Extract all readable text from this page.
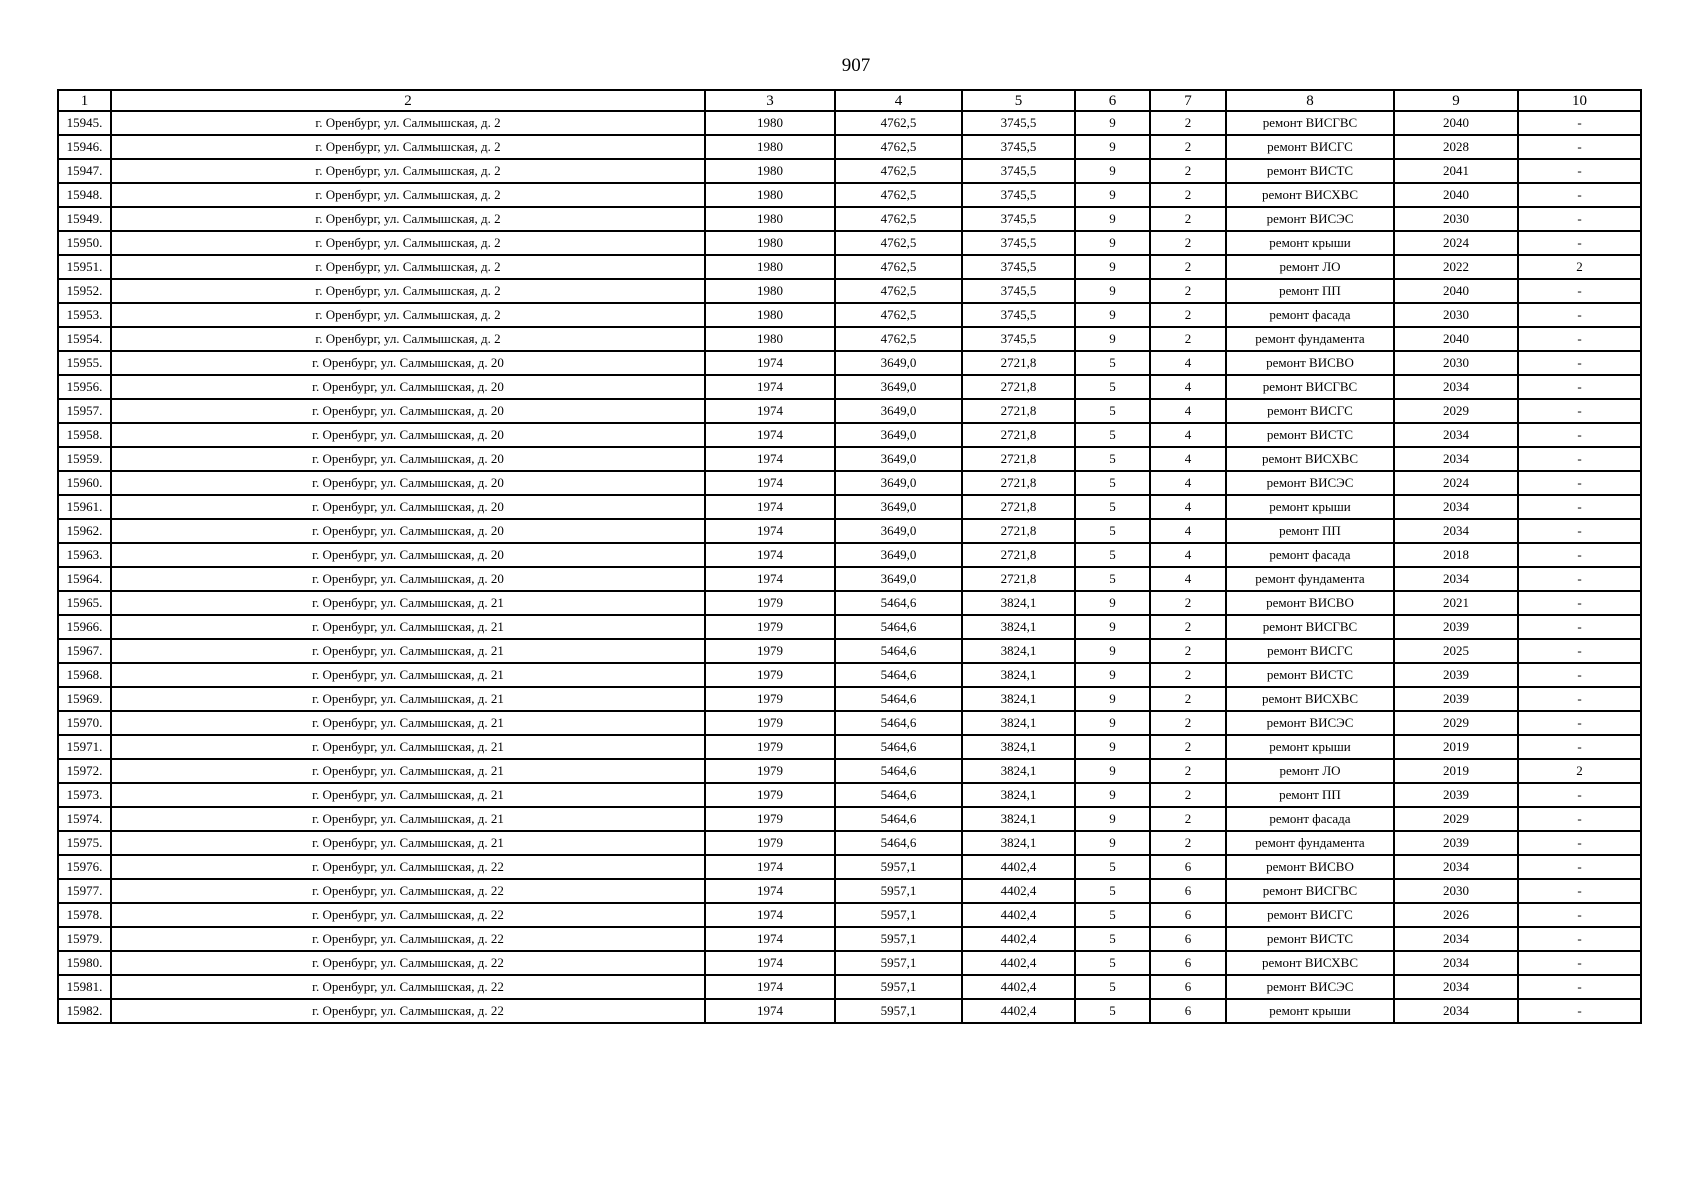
907
1	2	3	4	5	6	7	8	9	10
15945.	г. Оренбург, ул. Салмышская, д. 2	1980	4762,5	3745,5	9	2	ремонт ВИСГВС	2040	-
15946.	г. Оренбург, ул. Салмышская, д. 2	1980	4762,5	3745,5	9	2	ремонт ВИСГС	2028	-
15947.	г. Оренбург, ул. Салмышская, д. 2	1980	4762,5	3745,5	9	2	ремонт ВИСТС	2041	-
15948.	г. Оренбург, ул. Салмышская, д. 2	1980	4762,5	3745,5	9	2	ремонт ВИСХВС	2040	-
15949.	г. Оренбург, ул. Салмышская, д. 2	1980	4762,5	3745,5	9	2	ремонт ВИСЭС	2030	-
15950.	г. Оренбург, ул. Салмышская, д. 2	1980	4762,5	3745,5	9	2	ремонт крыши	2024	-
15951.	г. Оренбург, ул. Салмышская, д. 2	1980	4762,5	3745,5	9	2	ремонт ЛО	2022	2
15952.	г. Оренбург, ул. Салмышская, д. 2	1980	4762,5	3745,5	9	2	ремонт ПП	2040	-
15953.	г. Оренбург, ул. Салмышская, д. 2	1980	4762,5	3745,5	9	2	ремонт фасада	2030	-
15954.	г. Оренбург, ул. Салмышская, д. 2	1980	4762,5	3745,5	9	2	ремонт фундамента	2040	-
15955.	г. Оренбург, ул. Салмышская, д. 20	1974	3649,0	2721,8	5	4	ремонт ВИСВО	2030	-
15956.	г. Оренбург, ул. Салмышская, д. 20	1974	3649,0	2721,8	5	4	ремонт ВИСГВС	2034	-
15957.	г. Оренбург, ул. Салмышская, д. 20	1974	3649,0	2721,8	5	4	ремонт ВИСГС	2029	-
15958.	г. Оренбург, ул. Салмышская, д. 20	1974	3649,0	2721,8	5	4	ремонт ВИСТС	2034	-
15959.	г. Оренбург, ул. Салмышская, д. 20	1974	3649,0	2721,8	5	4	ремонт ВИСХВС	2034	-
15960.	г. Оренбург, ул. Салмышская, д. 20	1974	3649,0	2721,8	5	4	ремонт ВИСЭС	2024	-
15961.	г. Оренбург, ул. Салмышская, д. 20	1974	3649,0	2721,8	5	4	ремонт крыши	2034	-
15962.	г. Оренбург, ул. Салмышская, д. 20	1974	3649,0	2721,8	5	4	ремонт ПП	2034	-
15963.	г. Оренбург, ул. Салмышская, д. 20	1974	3649,0	2721,8	5	4	ремонт фасада	2018	-
15964.	г. Оренбург, ул. Салмышская, д. 20	1974	3649,0	2721,8	5	4	ремонт фундамента	2034	-
15965.	г. Оренбург, ул. Салмышская, д. 21	1979	5464,6	3824,1	9	2	ремонт ВИСВО	2021	-
15966.	г. Оренбург, ул. Салмышская, д. 21	1979	5464,6	3824,1	9	2	ремонт ВИСГВС	2039	-
15967.	г. Оренбург, ул. Салмышская, д. 21	1979	5464,6	3824,1	9	2	ремонт ВИСГС	2025	-
15968.	г. Оренбург, ул. Салмышская, д. 21	1979	5464,6	3824,1	9	2	ремонт ВИСТС	2039	-
15969.	г. Оренбург, ул. Салмышская, д. 21	1979	5464,6	3824,1	9	2	ремонт ВИСХВС	2039	-
15970.	г. Оренбург, ул. Салмышская, д. 21	1979	5464,6	3824,1	9	2	ремонт ВИСЭС	2029	-
15971.	г. Оренбург, ул. Салмышская, д. 21	1979	5464,6	3824,1	9	2	ремонт крыши	2019	-
15972.	г. Оренбург, ул. Салмышская, д. 21	1979	5464,6	3824,1	9	2	ремонт ЛО	2019	2
15973.	г. Оренбург, ул. Салмышская, д. 21	1979	5464,6	3824,1	9	2	ремонт ПП	2039	-
15974.	г. Оренбург, ул. Салмышская, д. 21	1979	5464,6	3824,1	9	2	ремонт фасада	2029	-
15975.	г. Оренбург, ул. Салмышская, д. 21	1979	5464,6	3824,1	9	2	ремонт фундамента	2039	-
15976.	г. Оренбург, ул. Салмышская, д. 22	1974	5957,1	4402,4	5	6	ремонт ВИСВО	2034	-
15977.	г. Оренбург, ул. Салмышская, д. 22	1974	5957,1	4402,4	5	6	ремонт ВИСГВС	2030	-
15978.	г. Оренбург, ул. Салмышская, д. 22	1974	5957,1	4402,4	5	6	ремонт ВИСГС	2026	-
15979.	г. Оренбург, ул. Салмышская, д. 22	1974	5957,1	4402,4	5	6	ремонт ВИСТС	2034	-
15980.	г. Оренбург, ул. Салмышская, д. 22	1974	5957,1	4402,4	5	6	ремонт ВИСХВС	2034	-
15981.	г. Оренбург, ул. Салмышская, д. 22	1974	5957,1	4402,4	5	6	ремонт ВИСЭС	2034	-
15982.	г. Оренбург, ул. Салмышская, д. 22	1974	5957,1	4402,4	5	6	ремонт крыши	2034	-
